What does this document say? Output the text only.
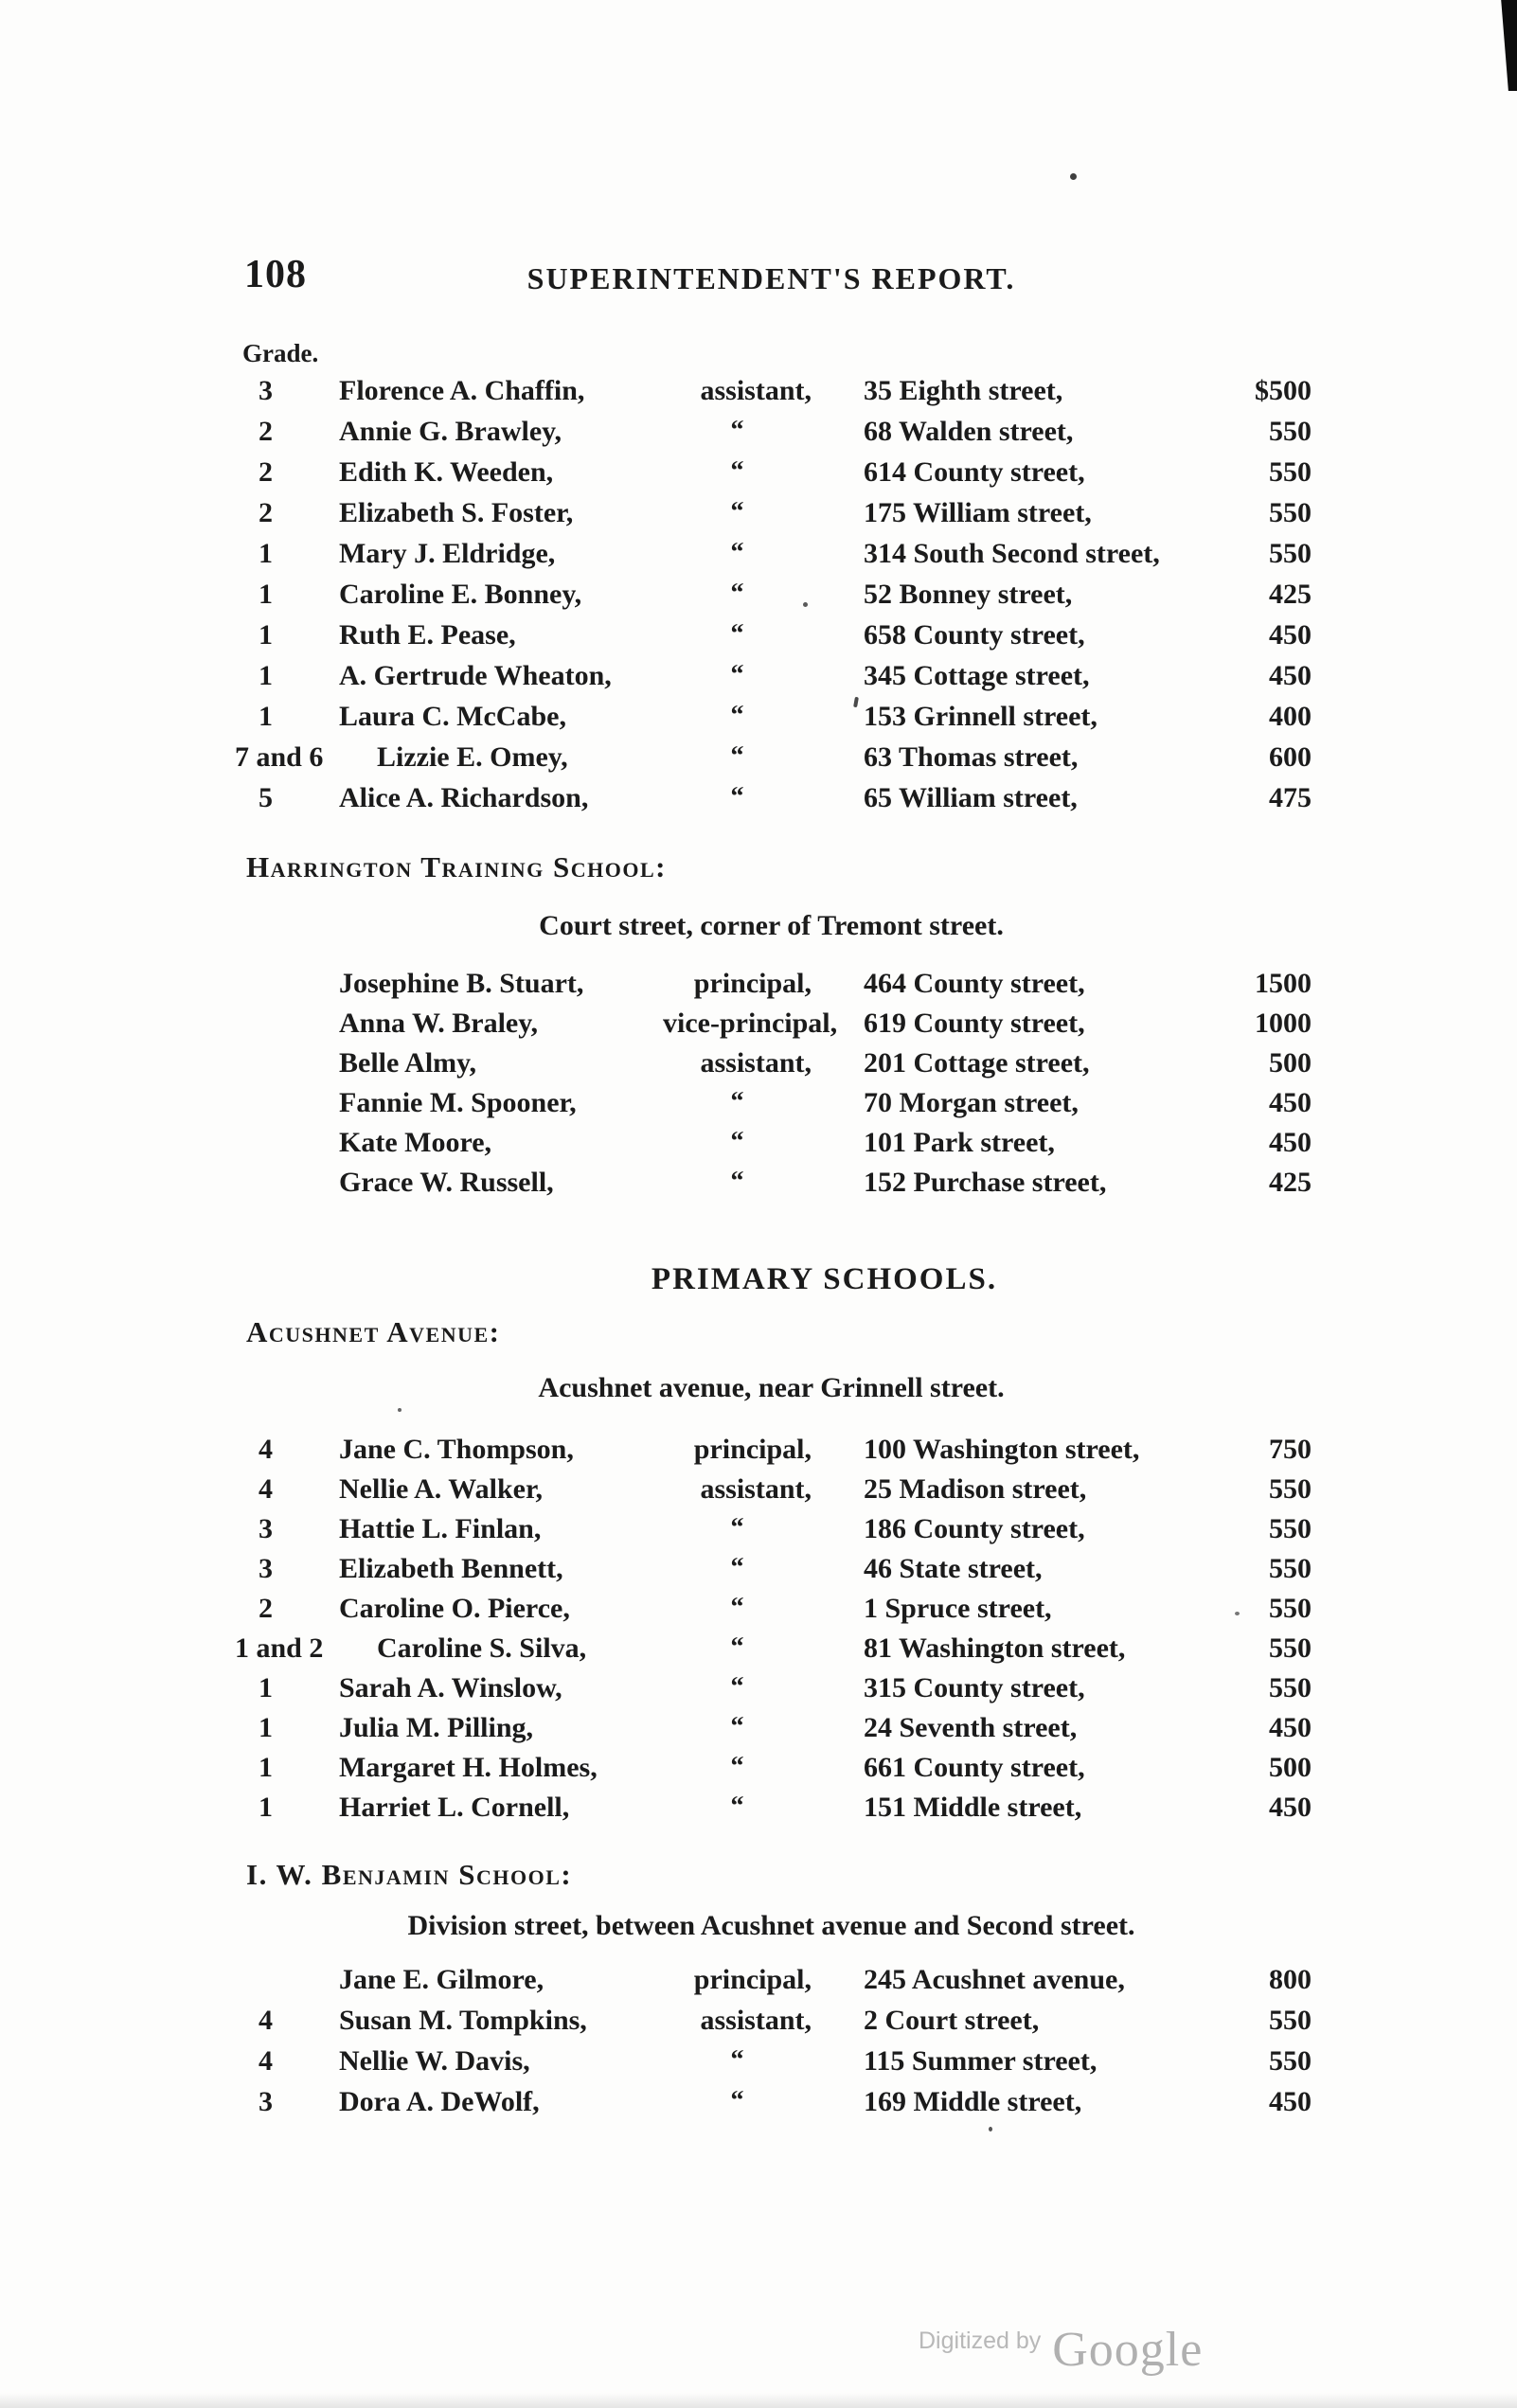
108	SUPERINTENDENT'S REPORT.
Grade.
3 Florence A. Chaffin,	assistant, 35 Eighth street,	$500
2 Annie G. Brawley,	“	68 Walden street,	550
2 Edith K. Weeden,	“	614 County street,	550
2 Elizabeth S. Foster,	“	175 William street,	550
1 Mary J. Eldridge,	“	314 South Second street,	550
1 Caroline E. Bonney,	“	52 Bonney street,	425
1 Ruth E. Pease,	“	658 County street,	450
1 A. Gertrude Wheaton,	“	345 Cottage street,	450
1 Laura C. McCabe,	“	153 Grinnell street,	400
7 and 6 Lizzie E. Omey,	“	63 Thomas street,	600
5 Alice A. Richardson,	“	65 William street,	475
Harrington Training School:
Court street, corner of Tremont street.
Josephine B. Stuart,	principal, 464 County street,	1500
Anna W. Braley,	vice-principal, 619 County street,	1000
Belle Almy,	assistant, 201 Cottage street,	500
Fannie M. Spooner,	“	70 Morgan street,	450
Kate Moore,	“	101 Park street,	450
Grace W. Russell,	“	152 Purchase street,	425
PRIMARY SCHOOLS.
Acushnet Avenue:
Acushnet avenue, near Grinnell street.
4 Jane C. Thompson,	principal, 100 Washington street,	750
4 Nellie A. Walker,	assistant, 25 Madison street,	550
3 Hattie L. Finlan,	“	186 County street,	550
3 Elizabeth Bennett,	“	46 State street,	550
2 Caroline O. Pierce,	“	1 Spruce street,	550
1 and 2 Caroline S. Silva,	“	81 Washington street,	550
1 Sarah A. Winslow,	“	315 County street,	550
1 Julia M. Pilling,	“	24 Seventh street,	450
1 Margaret H. Holmes,	“	661 County street,	500
1 Harriet L. Cornell,	“	151 Middle street,	450
I. W. Benjamin School:
Division street, between Acushnet avenue and Second street.
Jane E. Gilmore,	principal, 245 Acushnet avenue,	800
4 Susan M. Tompkins,	assistant, 2 Court street,	550
4 Nellie W. Davis,	“	115 Summer street,	550
3 Dora A. DeWolf,	“	169 Middle street,	450
Digitized by Google
